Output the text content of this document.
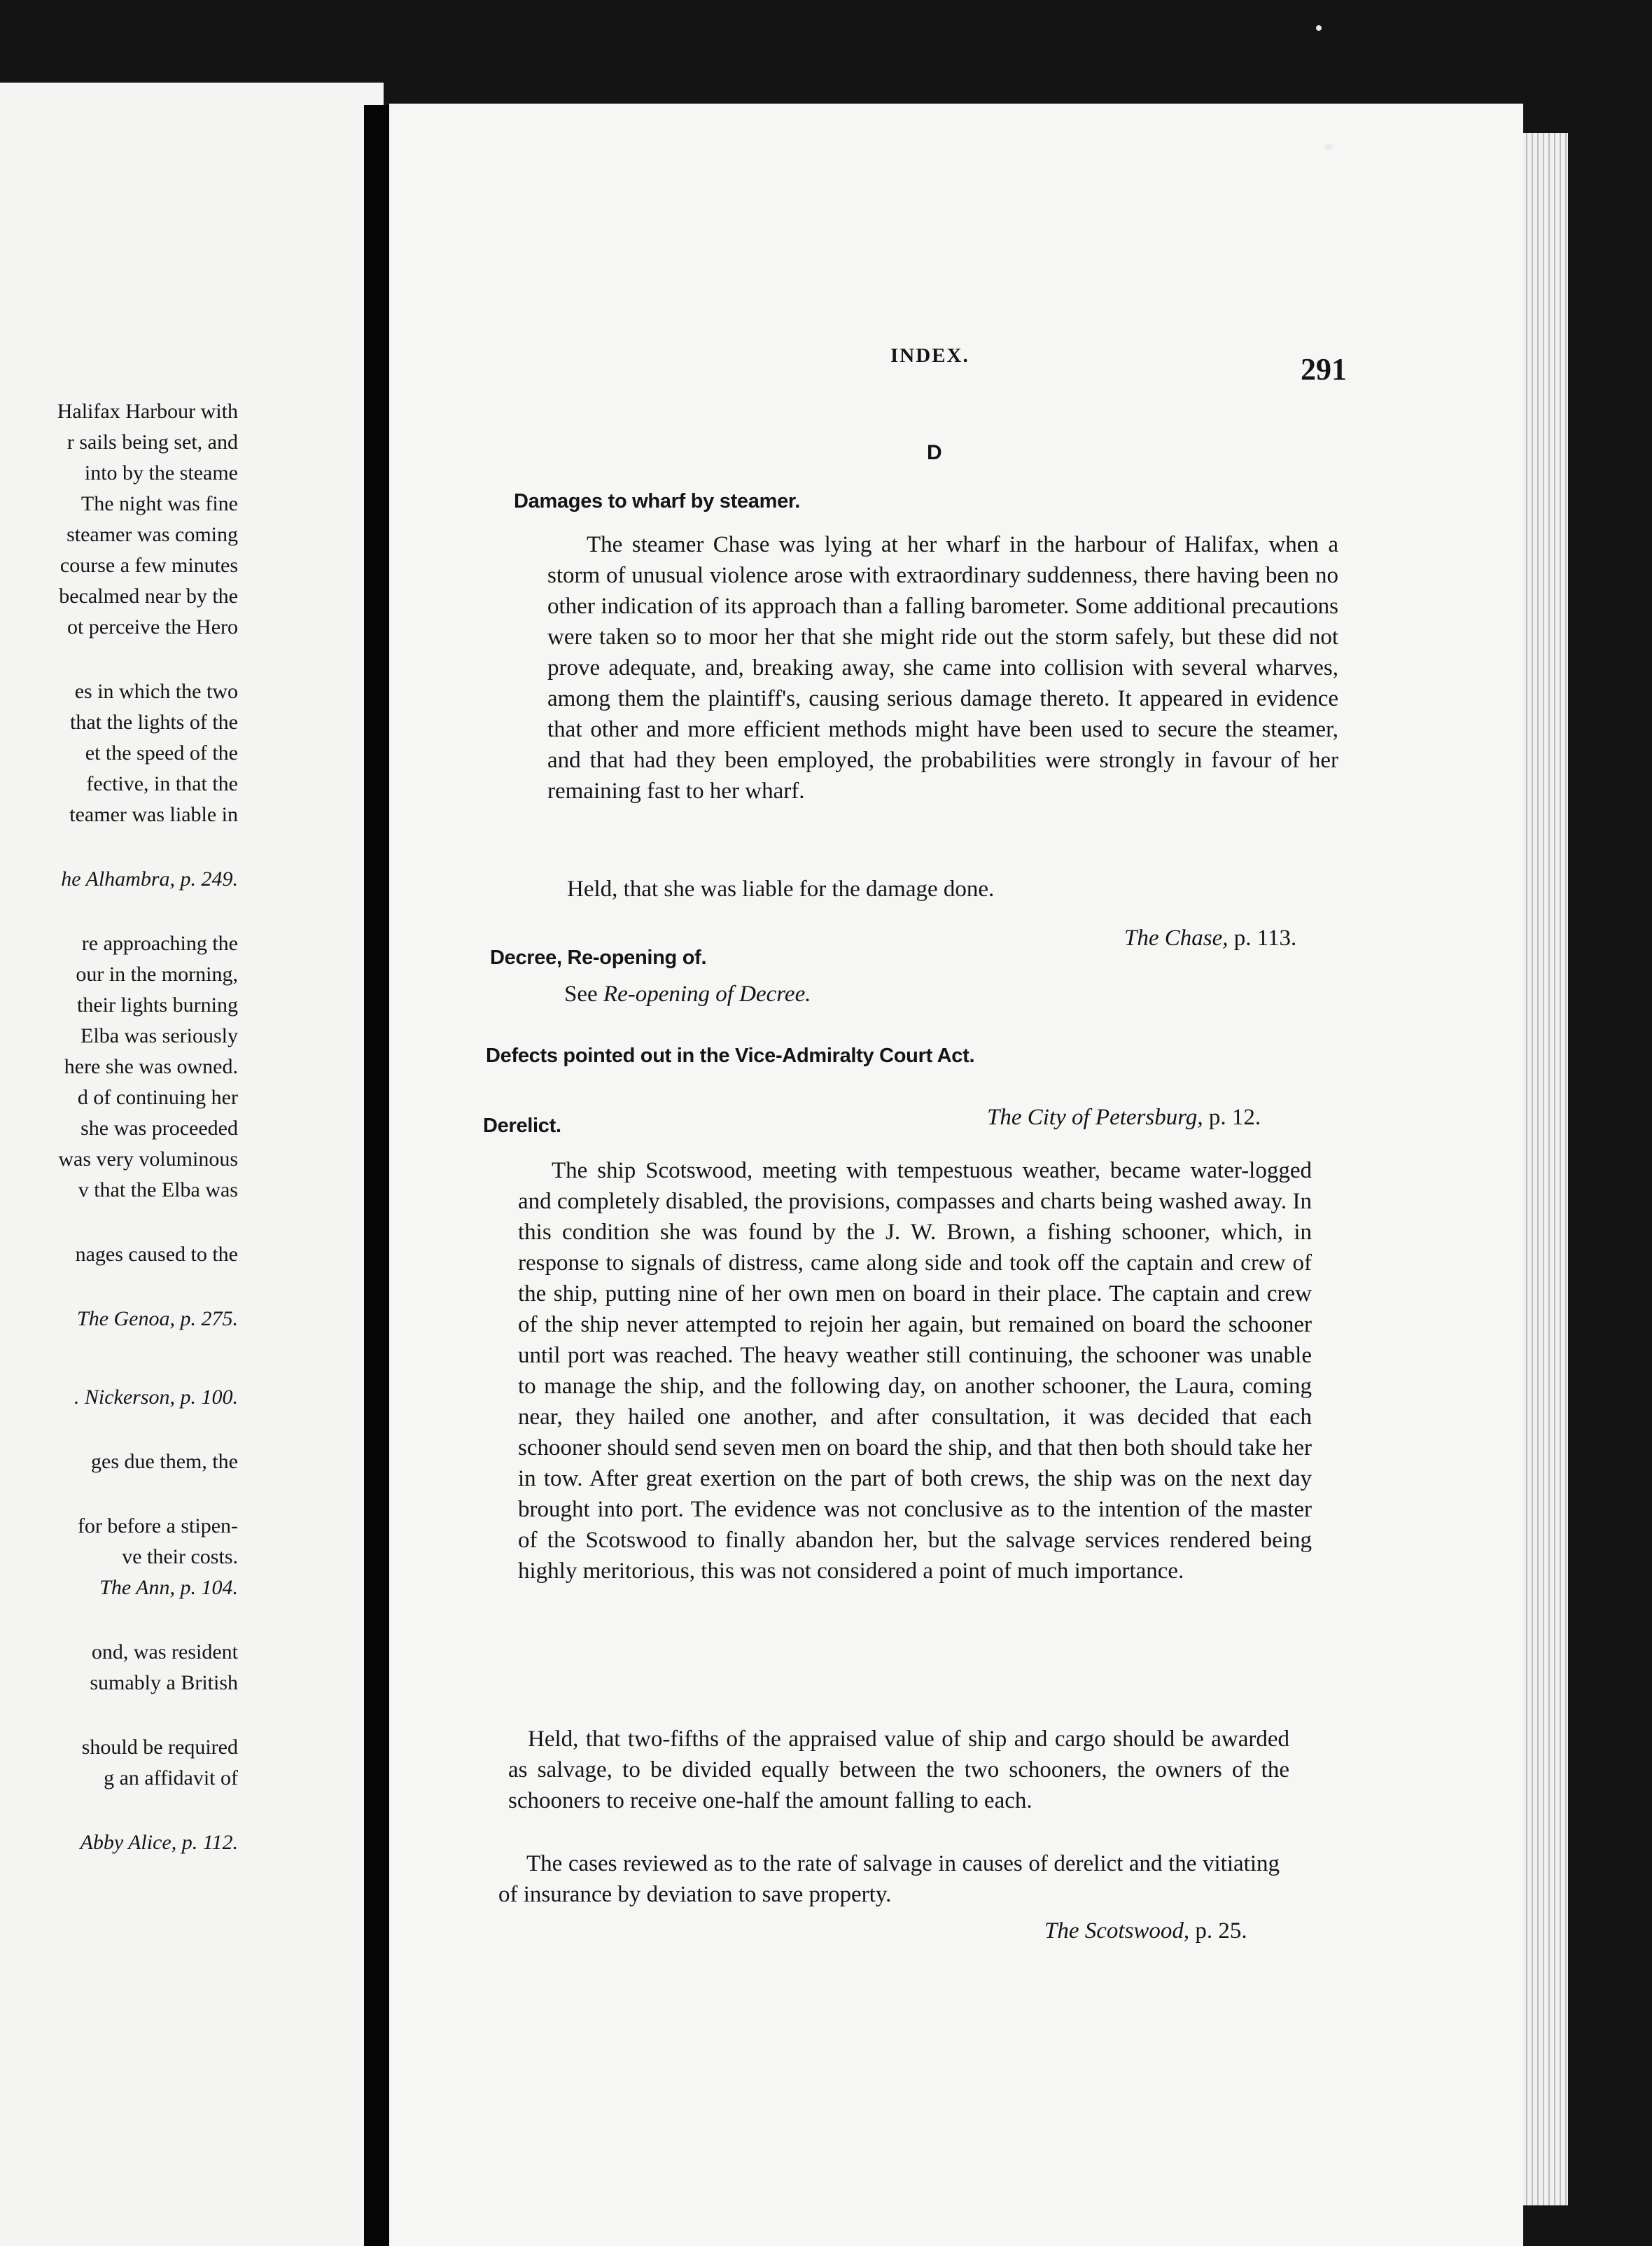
Halifax Harbour with

r sails being set, and

into by the steame

The night was fine

steamer was coming

course a few minutes

becalmed near by the

ot perceive the Hero

es in which the two

that the lights of the

et the speed of the

fective, in that the

teamer was liable in

he Alhambra, p. 249.

re approaching the

our in the morning,

their lights burning

Elba was seriously

here she was owned.

d of continuing her

she was proceeded

was very voluminous

v that the Elba was

nages caused to the

The Genoa, p. 275.

. Nickerson, p. 100.

ges due them, the

for before a stipen-

ve their costs.

The Ann, p. 104.

ond, was resident

sumably a British

should be required

g an affidavit of

Abby Alice, p. 112.

INDEX.	291
D
Damages to wharf by steamer.
The steamer Chase was lying at her wharf in the harbour of Halifax, when a storm of unusual violence arose with extraordinary suddenness, there having been no other indication of its approach than a falling barometer. Some additional precautions were taken so to moor her that she might ride out the storm safely, but these did not prove adequate, and, breaking away, she came into collision with several wharves, among them the plaintiff's, causing serious damage thereto. It appeared in evidence that other and more efficient methods might have been used to secure the steamer, and that had they been employed, the probabilities were strongly in favour of her remaining fast to her wharf.
Held, that she was liable for the damage done.
The Chase, p. 113.
Decree, Re-opening of.
See Re-opening of Decree.
Defects pointed out in the Vice-Admiralty Court Act.
The City of Petersburg, p. 12.
Derelict.
The ship Scotswood, meeting with tempestuous weather, became water-logged and completely disabled, the provisions, compasses and charts being washed away. In this condition she was found by the J. W. Brown, a fishing schooner, which, in response to signals of distress, came along side and took off the captain and crew of the ship, putting nine of her own men on board in their place. The captain and crew of the ship never attempted to rejoin her again, but remained on board the schooner until port was reached. The heavy weather still continuing, the schooner was unable to manage the ship, and the following day, on another schooner, the Laura, coming near, they hailed one another, and after consultation, it was decided that each schooner should send seven men on board the ship, and that then both should take her in tow. After great exertion on the part of both crews, the ship was on the next day brought into port. The evidence was not conclusive as to the intention of the master of the Scotswood to finally abandon her, but the salvage services rendered being highly meritorious, this was not considered a point of much importance.
Held, that two-fifths of the appraised value of ship and cargo should be awarded as salvage, to be divided equally between the two schooners, the owners of the schooners to receive one-half the amount falling to each.
The cases reviewed as to the rate of salvage in causes of derelict and the vitiating of insurance by deviation to save property.
The Scotswood, p. 25.
